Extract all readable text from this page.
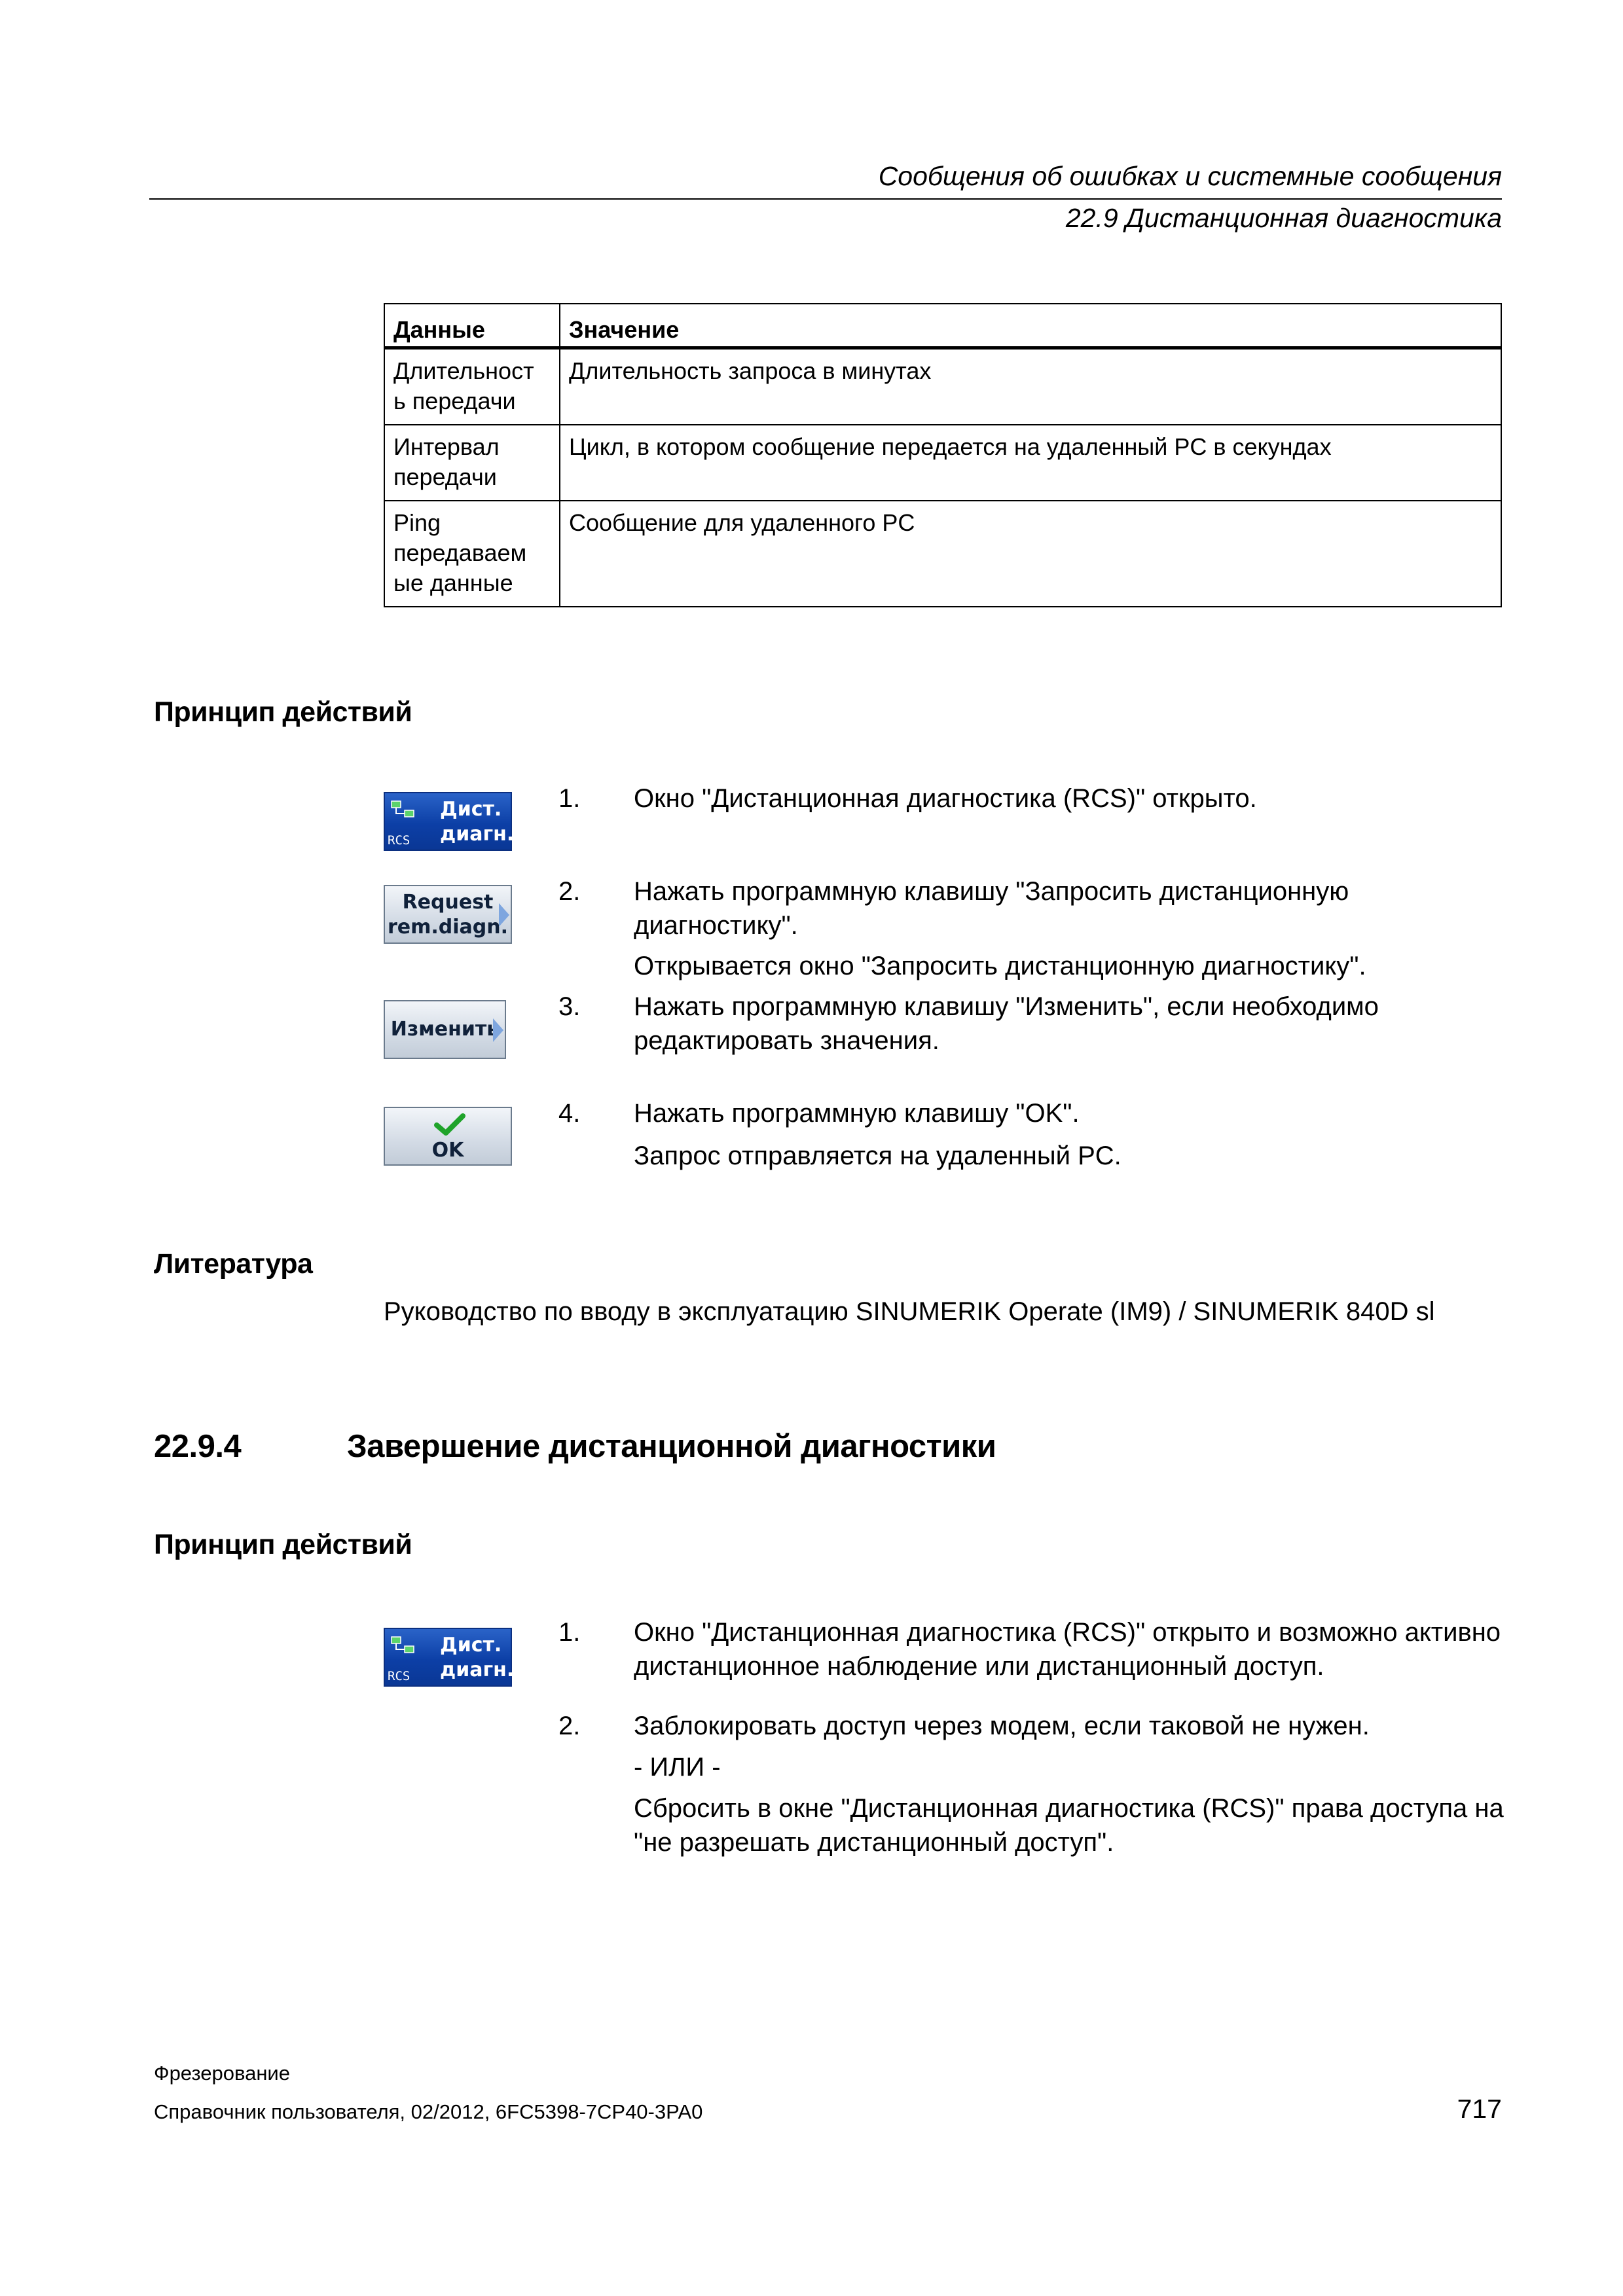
Сообщения об ошибках и системные сообщения
22.9 Дистанционная диагностика
Данные	Значение
Длительност ь передачи	Длительность запроса в минутах
Интервал передачи	Цикл, в котором сообщение передается на удаленный PC в секундах
Ping передаваем ые данные	Сообщение для удаленного PC
Принцип действий
RCS
Дист.
диагн.
Request
rem.diagn.
Изменить
OK
1. Окно "Дистанционная диагностика (RCS)" открыто.
2. Нажать программную клавишу "Запросить дистанционную диагностику".
Открывается окно "Запросить дистанционную диагностику".
3. Нажать программную клавишу "Изменить", если необходимо редактировать значения.
4. Нажать программную клавишу "OK".
Запрос отправляется на удаленный PC.
Литература
Руководство по вводу в эксплуатацию SINUMERIK Operate (IM9) / SINUMERIK 840D sl
22.9.4	Завершение дистанционной диагностики
Принцип действий
RCS
Дист.
диагн.
1. Окно "Дистанционная диагностика (RCS)" открыто и возможно активно дистанционное наблюдение или дистанционный доступ.
2. Заблокировать доступ через модем, если таковой не нужен.
- ИЛИ -
Сбросить в окне "Дистанционная диагностика (RCS)" права доступа на "не разрешать дистанционный доступ".
Фрезерование
Справочник пользователя, 02/2012, 6FC5398-7CP40-3PA0	717
